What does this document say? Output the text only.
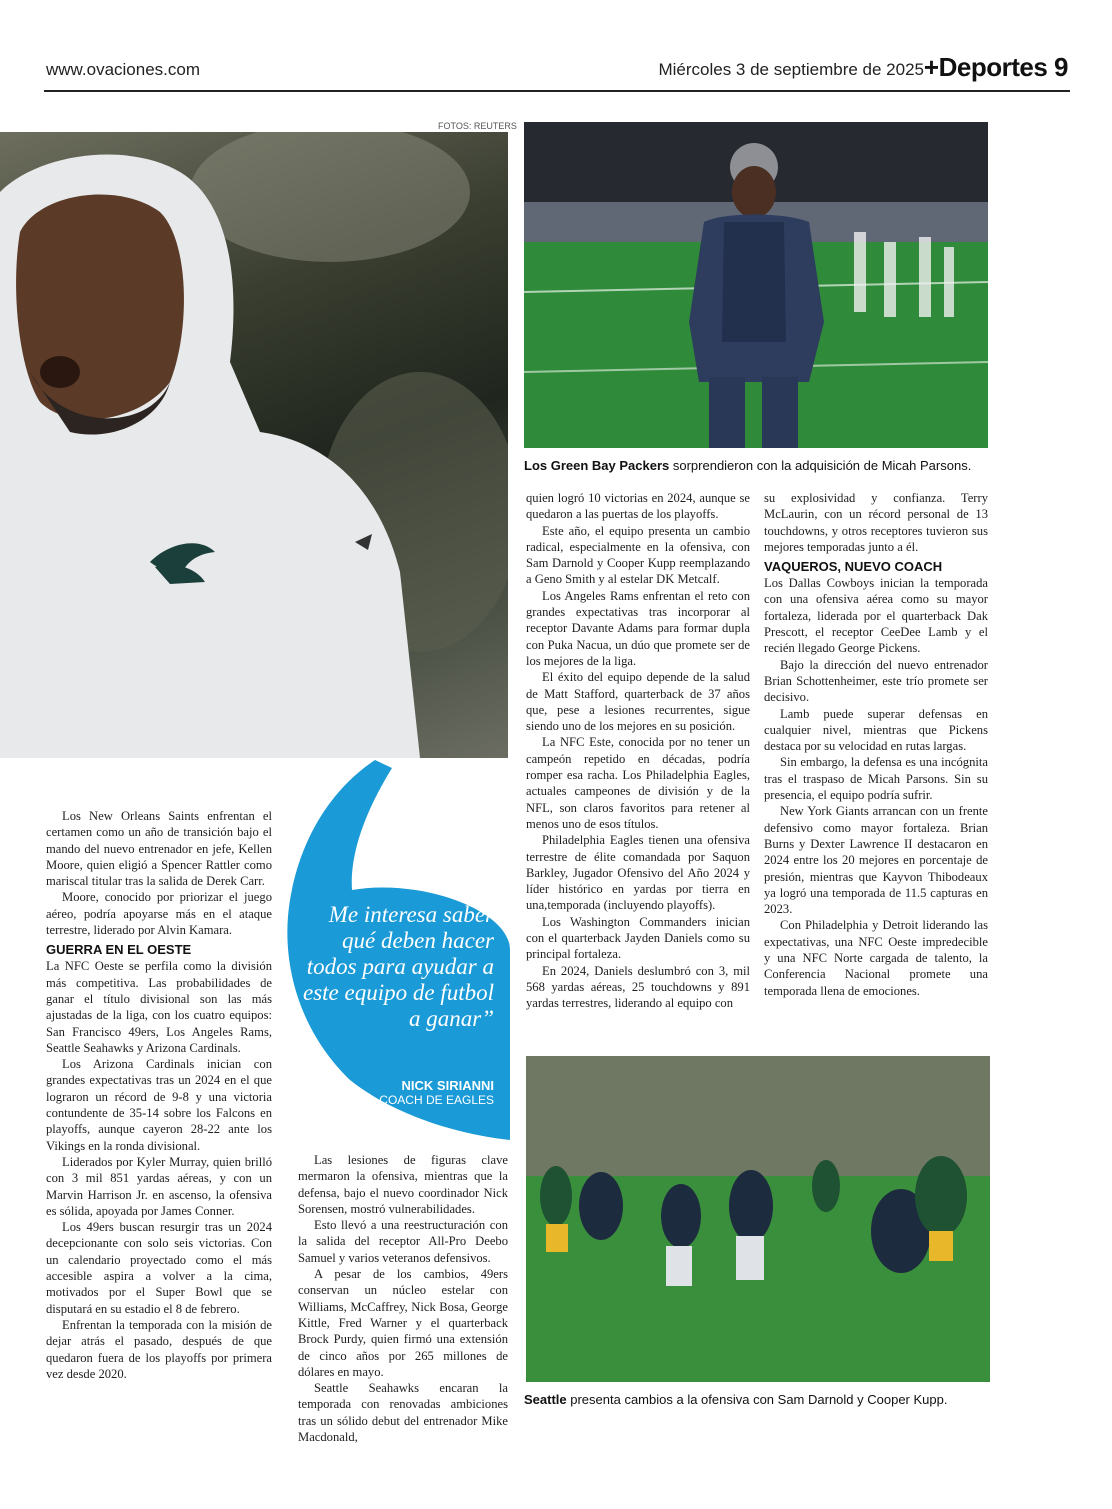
www.ovaciones.com	Miércoles 3 de septiembre de 2025 +Deportes 9
FOTOS: REUTERS
Los Green Bay Packers sorprendieron con la adquisición de Micah Parsons.
Me interesa saber qué deben hacer todos para ayudar a este equipo de futbol a ganar”
NICK SIRIANNI
COACH DE EAGLES

Los New Orleans Saints enfrentan el certamen como un año de transición bajo el mando del nuevo entrenador en jefe, Kellen Moore, quien eligió a Spencer Rattler como mariscal titular tras la salida de Derek Carr.

Moore, conocido por priorizar el juego aéreo, podría apoyarse más en el ataque terrestre, liderado por Alvin Kamara.

GUERRA EN EL OESTE

La NFC Oeste se perfila como la división más competitiva. Las probabilidades de ganar el título divisional son las más ajustadas de la liga, con los cuatro equipos: San Francisco 49ers, Los Angeles Rams, Seattle Seahawks y Arizona Cardinals.

Los Arizona Cardinals inician con grandes expectativas tras un 2024 en el que lograron un récord de 9-8 y una victoria contundente de 35-14 sobre los Falcons en playoffs, aunque cayeron 28-22 ante los Vikings en la ronda divisional.

Liderados por Kyler Murray, quien brilló con 3 mil 851 yardas aéreas, y con un Marvin Harrison Jr. en ascenso, la ofensiva es sólida, apoyada por James Conner.

Los 49ers buscan resurgir tras un 2024 decepcionante con solo seis victorias. Con un calendario proyectado como el más accesible aspira a volver a la cima, motivados por el Super Bowl que se disputará en su estadio el 8 de febrero.

Enfrentan la temporada con la misión de dejar atrás el pasado, después de que quedaron fuera de los playoffs por primera vez desde 2020.

Las lesiones de figuras clave mermaron la ofensiva, mientras que la defensa, bajo el nuevo coordinador Nick Sorensen, mostró vulnerabilidades.

Esto llevó a una reestructuración con la salida del receptor All-Pro Deebo Samuel y varios veteranos defensivos.

A pesar de los cambios, 49ers conservan un núcleo estelar con Williams, McCaffrey, Nick Bosa, George Kittle, Fred Warner y el quarterback Brock Purdy, quien firmó una extensión de cinco años por 265 millones de dólares en mayo.

Seattle Seahawks encaran la temporada con renovadas ambiciones tras un sólido debut del entrenador Mike Macdonald,

quien logró 10 victorias en 2024, aunque se quedaron a las puertas de los playoffs.

Este año, el equipo presenta un cambio radical, especialmente en la ofensiva, con Sam Darnold y Cooper Kupp reemplazando a Geno Smith y al estelar DK Metcalf.

Los Angeles Rams enfrentan el reto con grandes expectativas tras incorporar al receptor Davante Adams para formar dupla con Puka Nacua, un dúo que promete ser de los mejores de la liga.

El éxito del equipo depende de la salud de Matt Stafford, quarterback de 37 años que, pese a lesiones recurrentes, sigue siendo uno de los mejores en su posición.

La NFC Este, conocida por no tener un campeón repetido en décadas, podría romper esa racha. Los Philadelphia Eagles, actuales campeones de división y de la NFL, son claros favoritos para retener al menos uno de esos títulos.

Philadelphia Eagles tienen una ofensiva terrestre de élite comandada por Saquon Barkley, Jugador Ofensivo del Año 2024 y líder histórico en yardas por tierra en una,temporada (incluyendo playoffs).

Los Washington Commanders inician con el quarterback Jayden Daniels como su principal fortaleza.

En 2024, Daniels deslumbró con 3, mil 568 yardas aéreas, 25 touchdowns y 891 yardas terrestres, liderando al equipo con

su explosividad y confianza. Terry McLaurin, con un récord personal de 13 touchdowns, y otros receptores tuvieron sus mejores temporadas junto a él.

VAQUEROS, NUEVO COACH

Los Dallas Cowboys inician la temporada con una ofensiva aérea como su mayor fortaleza, liderada por el quarterback Dak Prescott, el receptor CeeDee Lamb y el recién llegado George Pickens.

Bajo la dirección del nuevo entrenador Brian Schottenheimer, este trío promete ser decisivo.

Lamb puede superar defensas en cualquier nivel, mientras que Pickens destaca por su velocidad en rutas largas.

Sin embargo, la defensa es una incógnita tras el traspaso de Micah Parsons. Sin su presencia, el equipo podría sufrir.

New York Giants arrancan con un frente defensivo como mayor fortaleza. Brian Burns y Dexter Lawrence II destacaron en 2024 entre los 20 mejores en porcentaje de presión, mientras que Kayvon Thibodeaux ya logró una temporada de 11.5 capturas en 2023.

Con Philadelphia y Detroit liderando las expectativas, una NFC Oeste impredecible y una NFC Norte cargada de talento, la Conferencia Nacional promete una temporada llena de emociones.

Seattle presenta cambios a la ofensiva con Sam Darnold y Cooper Kupp.
